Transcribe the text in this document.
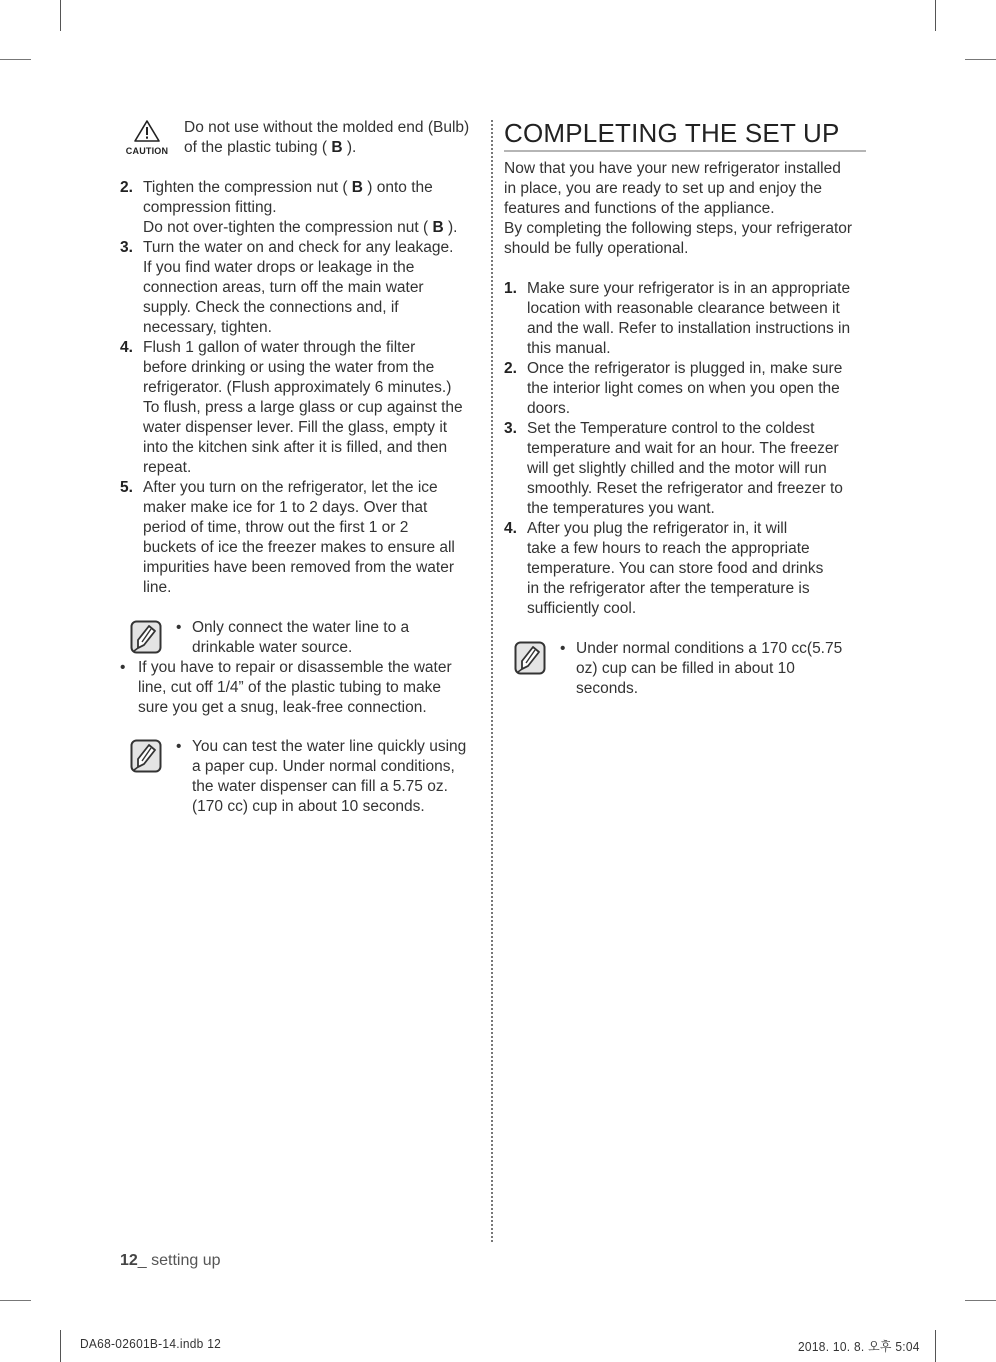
CAUTION
Do not use without the molded end (Bulb)
of the plastic tubing ( B ).
2. Tighten the compression nut ( B ) onto the
compression fitting.
Do not over-tighten the compression nut ( B ).
3. Turn the water on and check for any leakage.
If you find water drops or leakage in the
connection areas, turn off the main water
supply. Check the connections and, if
necessary, tighten.
4. Flush 1 gallon of water through the filter
before drinking or using the water from the
refrigerator. (Flush approximately 6 minutes.)
To flush, press a large glass or cup against the
water dispenser lever. Fill the glass, empty it
into the kitchen sink after it is filled, and then
repeat.
5. After you turn on the refrigerator, let the ice
maker make ice for 1 to 2 days. Over that
period of time, throw out the first 1 or 2
buckets of ice the freezer makes to ensure all
impurities have been removed from the water
line.
• Only connect the water line to a
drinkable water source.
• If you have to repair or disassemble the water
line, cut off 1/4” of the plastic tubing to make
sure you get a snug, leak-free connection.
• You can test the water line quickly using
a paper cup. Under normal conditions,
the water dispenser can fill a 5.75 oz.
(170 cc) cup in about 10 seconds.
COMPLETING THE SET UP
Now that you have your new refrigerator installed
in place, you are ready to set up and enjoy the
features and functions of the appliance.
By completing the following steps, your refrigerator
should be fully operational.
1. Make sure your refrigerator is in an appropriate
location with reasonable clearance between it
and the wall. Refer to installation instructions in
this manual.
2. Once the refrigerator is plugged in, make sure
the interior light comes on when you open the
doors.
3. Set the Temperature control to the coldest
temperature and wait for an hour. The freezer
will get slightly chilled and the motor will run
smoothly. Reset the refrigerator and freezer to
the temperatures you want.
4. After you plug the refrigerator in, it will
take a few hours to reach the appropriate
temperature. You can store food and drinks
in the refrigerator after the temperature is
sufficiently cool.
• Under normal conditions a 170 cc(5.75
oz) cup can be filled in about 10
seconds.
12_ setting up
DA68-02601B-14.indb 12	2018. 10. 8. 오후 5:04
